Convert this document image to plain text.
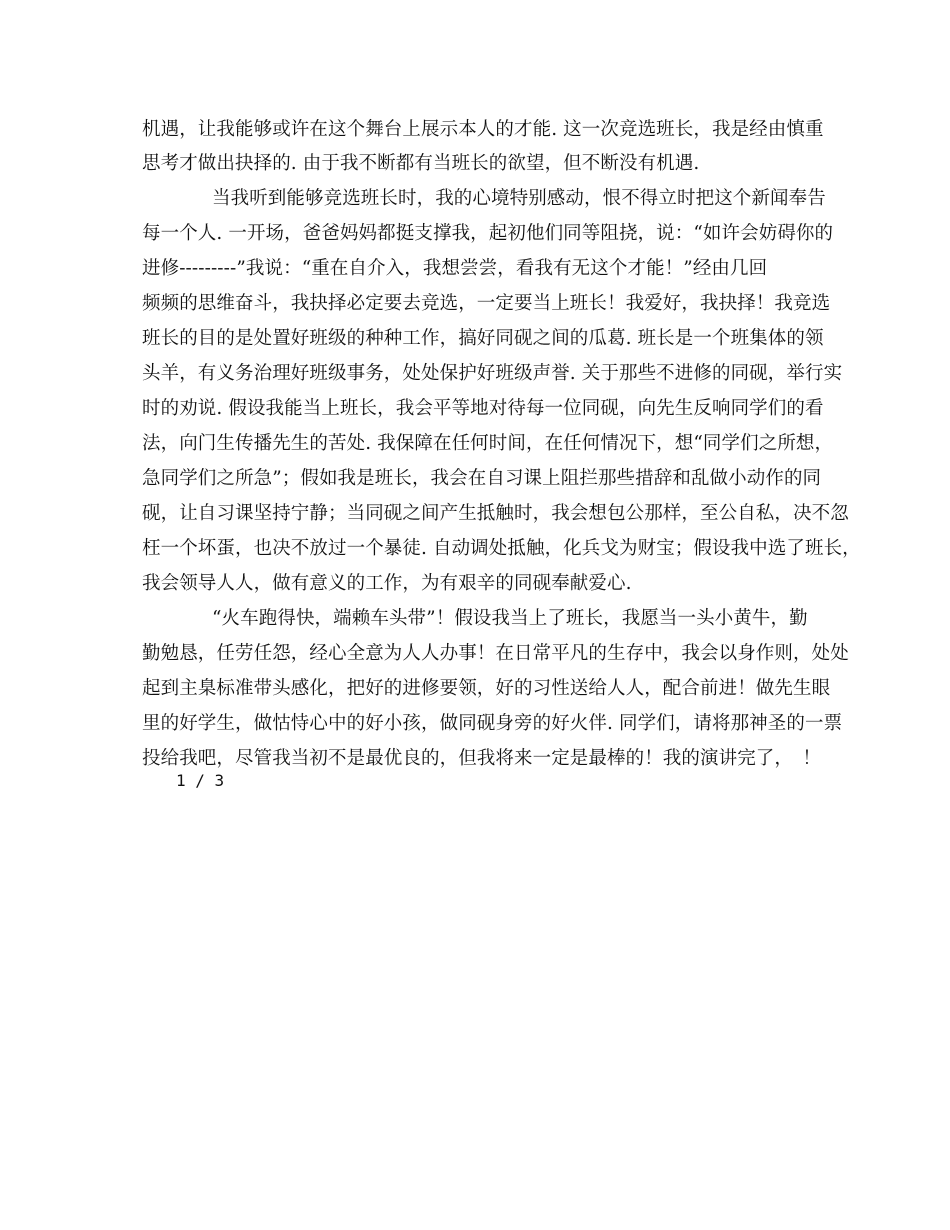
机遇，让我能够或许在这个舞台上展示本人的才能. 这一次竞选班长，我是经由慎重
思考才做出抉择的. 由于我不断都有当班长的欲望，但不断没有机遇.
当我听到能够竞选班长时，我的心境特别感动，恨不得立时把这个新闻奉告
每一个人. 一开场，爸爸妈妈都挺支撑我，起初他们同等阻挠，说：“如许会妨碍你的
进修---------”我说：“重在自介入，我想尝尝，看我有无这个才能！”经由几回
频频的思维奋斗，我抉择必定要去竞选，一定要当上班长！我爱好，我抉择！我竞选
班长的目的是处置好班级的种种工作，搞好同砚之间的瓜葛. 班长是一个班集体的领
头羊，有义务治理好班级事务，处处保护好班级声誉. 关于那些不进修的同砚，举行实
时的劝说. 假设我能当上班长，我会平等地对待每一位同砚，向先生反响同学们的看
法，向门生传播先生的苦处. 我保障在任何时间，在任何情况下，想“同学们之所想，
急同学们之所急”；假如我是班长，我会在自习课上阻拦那些措辞和乱做小动作的同
砚，让自习课坚持宁静；当同砚之间产生抵触时，我会想包公那样，至公自私，决不忽
枉一个坏蛋，也决不放过一个暴徒. 自动调处抵触，化兵戈为财宝；假设我中选了班长，
我会领导人人，做有意义的工作，为有艰辛的同砚奉献爱心.
“火车跑得快，端赖车头带”！假设我当上了班长，我愿当一头小黄牛，勤
勤勉恳，任劳任怨，经心全意为人人办事！在日常平凡的生存中，我会以身作则，处处
起到主臬标准带头感化，把好的进修要领，好的习性送给人人，配合前进！做先生眼
里的好学生，做怙恃心中的好小孩，做同砚身旁的好火伴. 同学们，请将那神圣的一票
投给我吧，尽管我当初不是最优良的，但我将来一定是最棒的！我的演讲完了，　！
1 / 3
